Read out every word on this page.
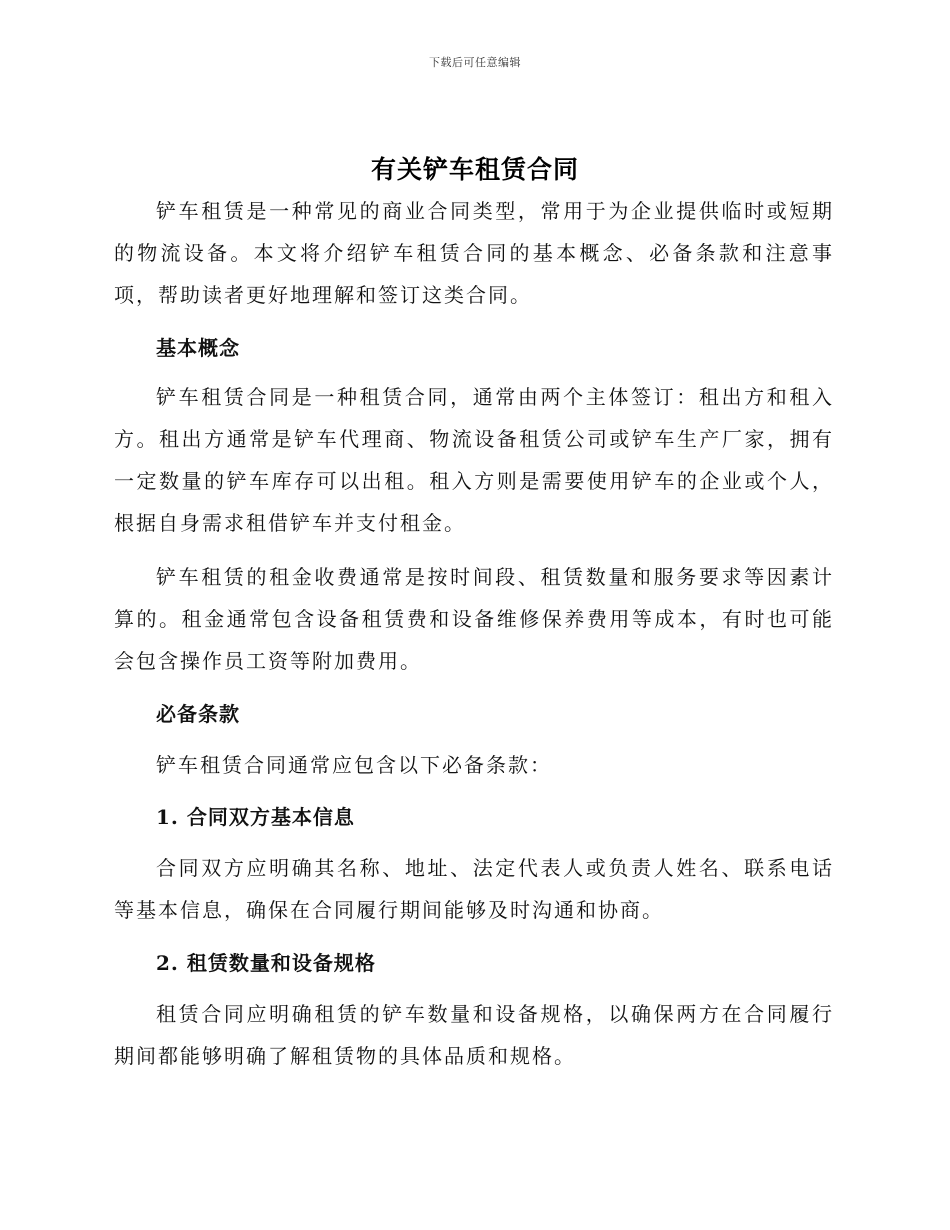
下载后可任意编辑
有关铲车租赁合同

铲车租赁是一种常见的商业合同类型，常用于为企业提供临时或短期的物流设备。本文将介绍铲车租赁合同的基本概念、必备条款和注意事项，帮助读者更好地理解和签订这类合同。

基本概念

铲车租赁合同是一种租赁合同，通常由两个主体签订：租出方和租入方。租出方通常是铲车代理商、物流设备租赁公司或铲车生产厂家，拥有一定数量的铲车库存可以出租。租入方则是需要使用铲车的企业或个人，根据自身需求租借铲车并支付租金。

铲车租赁的租金收费通常是按时间段、租赁数量和服务要求等因素计算的。租金通常包含设备租赁费和设备维修保养费用等成本，有时也可能会包含操作员工资等附加费用。

必备条款

铲车租赁合同通常应包含以下必备条款：

1. 合同双方基本信息

合同双方应明确其名称、地址、法定代表人或负责人姓名、联系电话等基本信息，确保在合同履行期间能够及时沟通和协商。

2. 租赁数量和设备规格

租赁合同应明确租赁的铲车数量和设备规格，以确保两方在合同履行期间都能够明确了解租赁物的具体品质和规格。
